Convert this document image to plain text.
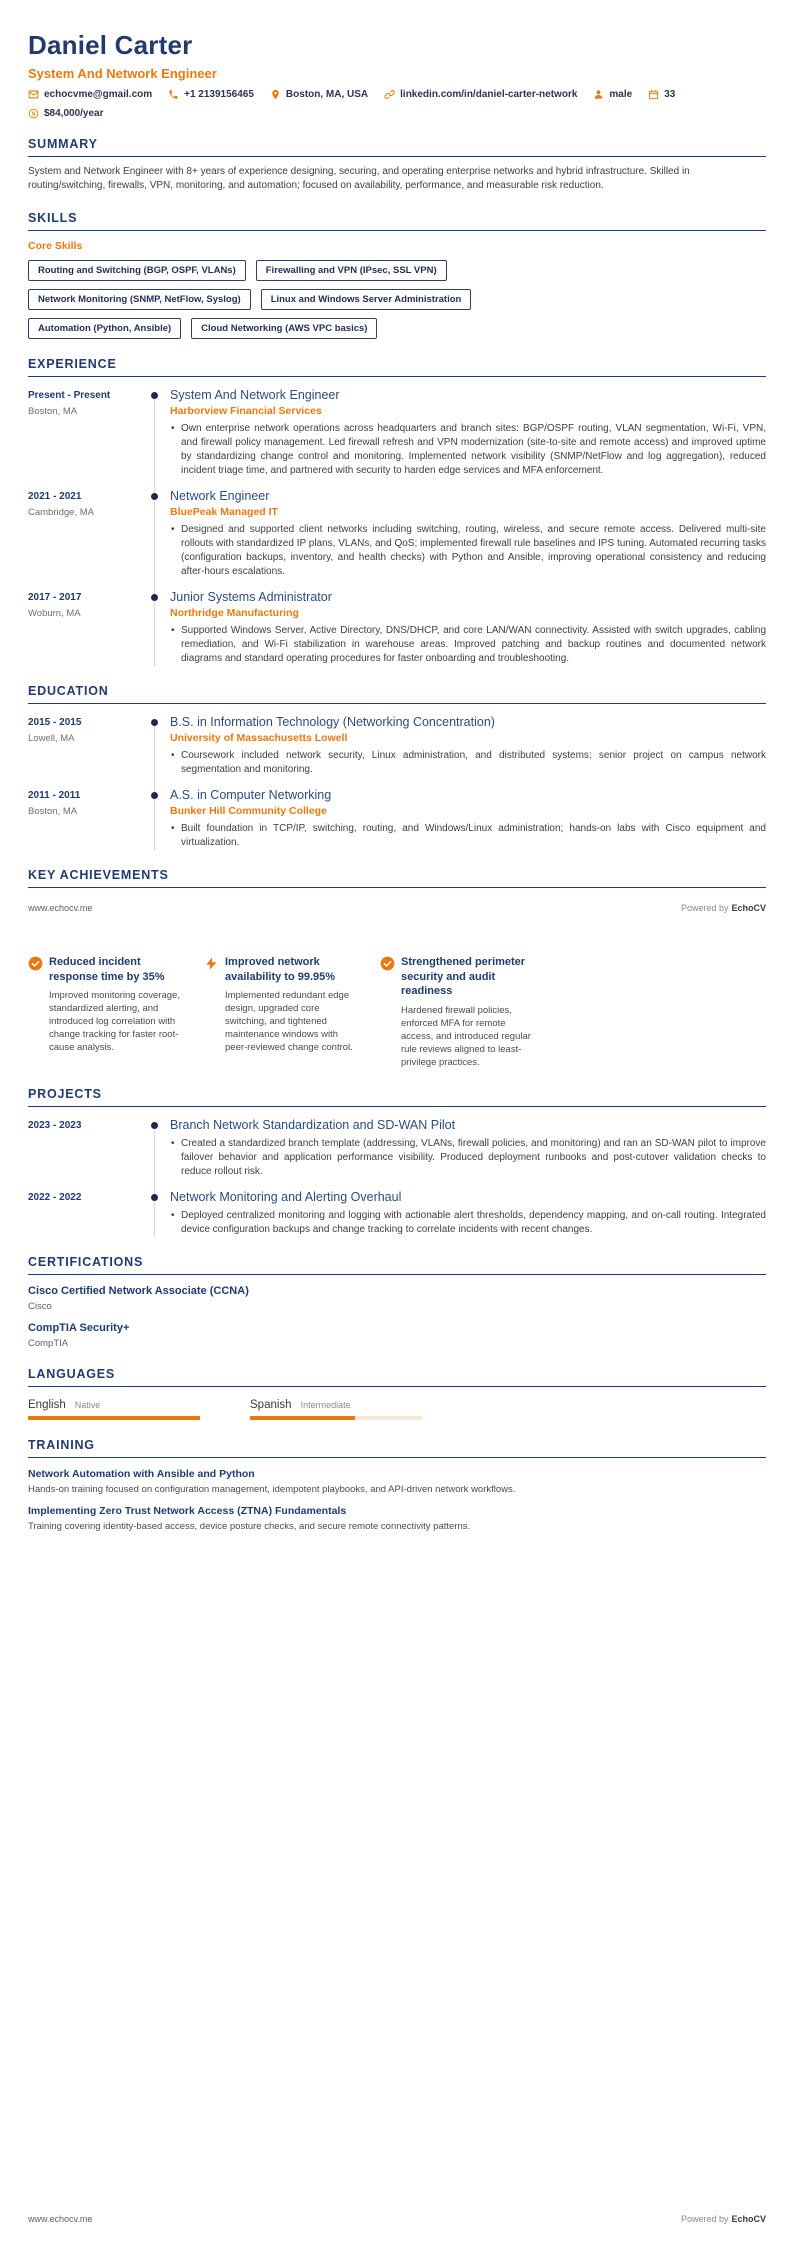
Daniel Carter
System And Network Engineer
echocvme@gmail.com	+1 2139156465	Boston, MA, USA	linkedin.com/in/daniel-carter-network	male	33
$ $84,000/year
SUMMARY

System and Network Engineer with 8+ years of experience designing, securing, and operating enterprise networks and hybrid infrastructure. Skilled in routing/switching, firewalls, VPN, monitoring, and automation; focused on availability, performance, and measurable risk reduction.

SKILLS
Core Skills
Routing and Switching (BGP, OSPF, VLANs)	Firewalling and VPN (IPsec, SSL VPN)
Network Monitoring (SNMP, NetFlow, Syslog)	Linux and Windows Server Administration
Automation (Python, Ansible)	Cloud Networking (AWS VPC basics)
EXPERIENCE
Present - Present
Boston, MA
System And Network Engineer
Harborview Financial Services
• Own enterprise network operations across headquarters and branch sites: BGP/OSPF routing, VLAN segmentation, Wi-Fi, VPN, and firewall policy management. Led firewall refresh and VPN modernization (site-to-site and remote access) and improved uptime by standardizing change control and monitoring. Implemented network visibility (SNMP/NetFlow and log aggregation), reduced incident triage time, and partnered with security to harden edge services and MFA enforcement.
2021 - 2021
Cambridge, MA
Network Engineer
BluePeak Managed IT
• Designed and supported client networks including switching, routing, wireless, and secure remote access. Delivered multi-site rollouts with standardized IP plans, VLANs, and QoS; implemented firewall rule baselines and IPS tuning. Automated recurring tasks (configuration backups, inventory, and health checks) with Python and Ansible, improving operational consistency and reducing after-hours escalations.
2017 - 2017
Woburn, MA
Junior Systems Administrator
Northridge Manufacturing
• Supported Windows Server, Active Directory, DNS/DHCP, and core LAN/WAN connectivity. Assisted with switch upgrades, cabling remediation, and Wi-Fi stabilization in warehouse areas. Improved patching and backup routines and documented network diagrams and standard operating procedures for faster onboarding and troubleshooting.
EDUCATION
2015 - 2015
Lowell, MA
B.S. in Information Technology (Networking Concentration)
University of Massachusetts Lowell
• Coursework included network security, Linux administration, and distributed systems; senior project on campus network segmentation and monitoring.
2011 - 2011
Boston, MA
A.S. in Computer Networking
Bunker Hill Community College
• Built foundation in TCP/IP, switching, routing, and Windows/Linux administration; hands-on labs with Cisco equipment and virtualization.
KEY ACHIEVEMENTS
www.echocv.me	Powered by EchoCV
Reduced incident response time by 35%
Improved monitoring coverage, standardized alerting, and introduced log correlation with change tracking for faster root-cause analysis.
Improved network availability to 99.95%
Implemented redundant edge design, upgraded core switching, and tightened maintenance windows with peer-reviewed change control.
Strengthened perimeter security and audit readiness
Hardened firewall policies, enforced MFA for remote access, and introduced regular rule reviews aligned to least-privilege practices.
PROJECTS
2023 - 2023	Branch Network Standardization and SD-WAN Pilot
• Created a standardized branch template (addressing, VLANs, firewall policies, and monitoring) and ran an SD-WAN pilot to improve failover behavior and application performance visibility. Produced deployment runbooks and post-cutover validation checks to reduce rollout risk.
2022 - 2022	Network Monitoring and Alerting Overhaul
• Deployed centralized monitoring and logging with actionable alert thresholds, dependency mapping, and on-call routing. Integrated device configuration backups and change tracking to correlate incidents with recent changes.
CERTIFICATIONS
Cisco Certified Network Associate (CCNA)
Cisco
CompTIA Security+
CompTIA
LANGUAGES
English Native	Spanish Intermediate
TRAINING
Network Automation with Ansible and Python
Hands-on training focused on configuration management, idempotent playbooks, and API-driven network workflows.
Implementing Zero Trust Network Access (ZTNA) Fundamentals
Training covering identity-based access, device posture checks, and secure remote connectivity patterns.
www.echocv.me	Powered by EchoCV
